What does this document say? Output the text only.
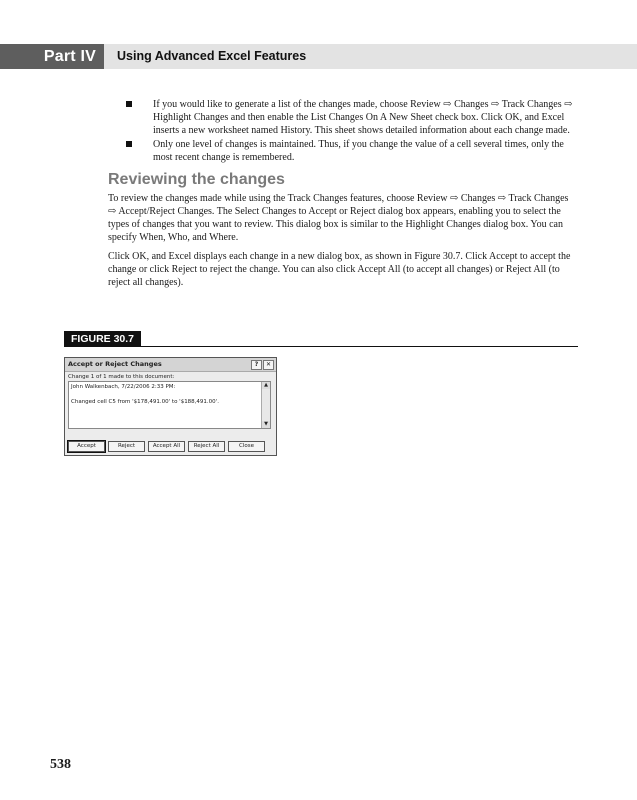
Part IV	Using Advanced Excel Features
If you would like to generate a list of the changes made, choose Review ⇨ Changes ⇨ Track Changes ⇨ Highlight Changes and then enable the List Changes On A New Sheet check box. Click OK, and Excel inserts a new worksheet named History. This sheet shows detailed information about each change made.
Only one level of changes is maintained. Thus, if you change the value of a cell several times, only the most recent change is remembered.
Reviewing the changes

To review the changes made while using the Track Changes features, choose Review ⇨ Changes ⇨ Track Changes ⇨ Accept/Reject Changes. The Select Changes to Accept or Reject dialog box appears, enabling you to select the types of changes that you want to review. This dialog box is similar to the Highlight Changes dialog box. You can specify When, Who, and Where.

Click OK, and Excel displays each change in a new dialog box, as shown in Figure 30.7. Click Accept to accept the change or click Reject to reject the change. You can also click Accept All (to accept all changes) or Reject All (to reject all changes).

FIGURE 30.7
Accept or Reject Changes	?	✕
Change 1 of 1 made to this document:
John Walkenbach, 7/22/2006 2:33 PM:
Changed cell C5 from '$178,491.00' to '$188,491.00'.
▲
▼
Accept	Reject	Accept All	Reject All	Close
538
